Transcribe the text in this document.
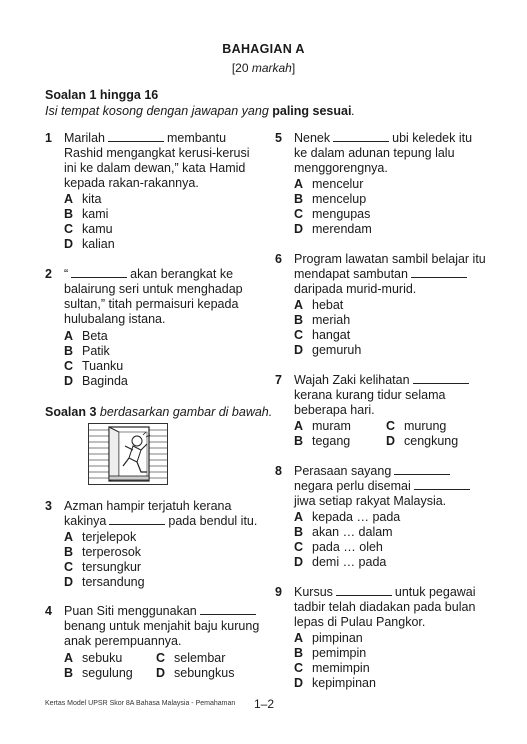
BAHAGIAN A
[20 markah]
Soalan 1 hingga 16
Isi tempat kosong dengan jawapan yang paling sesuai.
1 Marilah	membantu
Rashid mengangkat kerusi-kerusi
ini ke dalam dewan,” kata Hamid
kepada rakan-rakannya.
A kita
B kami
C kamu
D kalian
2 “	akan berangkat ke
balairung seri untuk menghadap
sultan,” titah permaisuri kepada
hulubalang istana.
A Beta
B Patik
C Tuanku
D Baginda
Soalan 3 berdasarkan gambar di bawah.
3 Azman hampir terjatuh kerana
kakinya	pada bendul itu.
A terjelepok
B terperosok
C tersungkur
D tersandung
4 Puan Siti menggunakan
benang untuk menjahit baju kurung
anak perempuannya.
A sebuku	C selembar
B segulung D sebungkus
5 Nenek	ubi keledek itu
ke dalam adunan tepung lalu
menggorengnya.
A mencelur
B mencelup
C mengupas
D merendam
6 Program lawatan sambil belajar itu
mendapat sambutan
daripada murid-murid.
A hebat
B meriah
C hangat
D gemuruh
7 Wajah Zaki kelihatan
kerana kurang tidur selama
beberapa hari.
A muram	C murung
B tegang	D cengkung
8 Perasaan sayang
negara perlu disemai
jiwa setiap rakyat Malaysia.
A kepada … pada
B akan … dalam
C pada … oleh
D demi … pada
9 Kursus	untuk pegawai
tadbir telah diadakan pada bulan
lepas di Pulau Pangkor.
A pimpinan
B pemimpin
C memimpin
D kepimpinan
Kertas Model UPSR Skor 8A Bahasa Malaysia - Pemahaman 1–2
